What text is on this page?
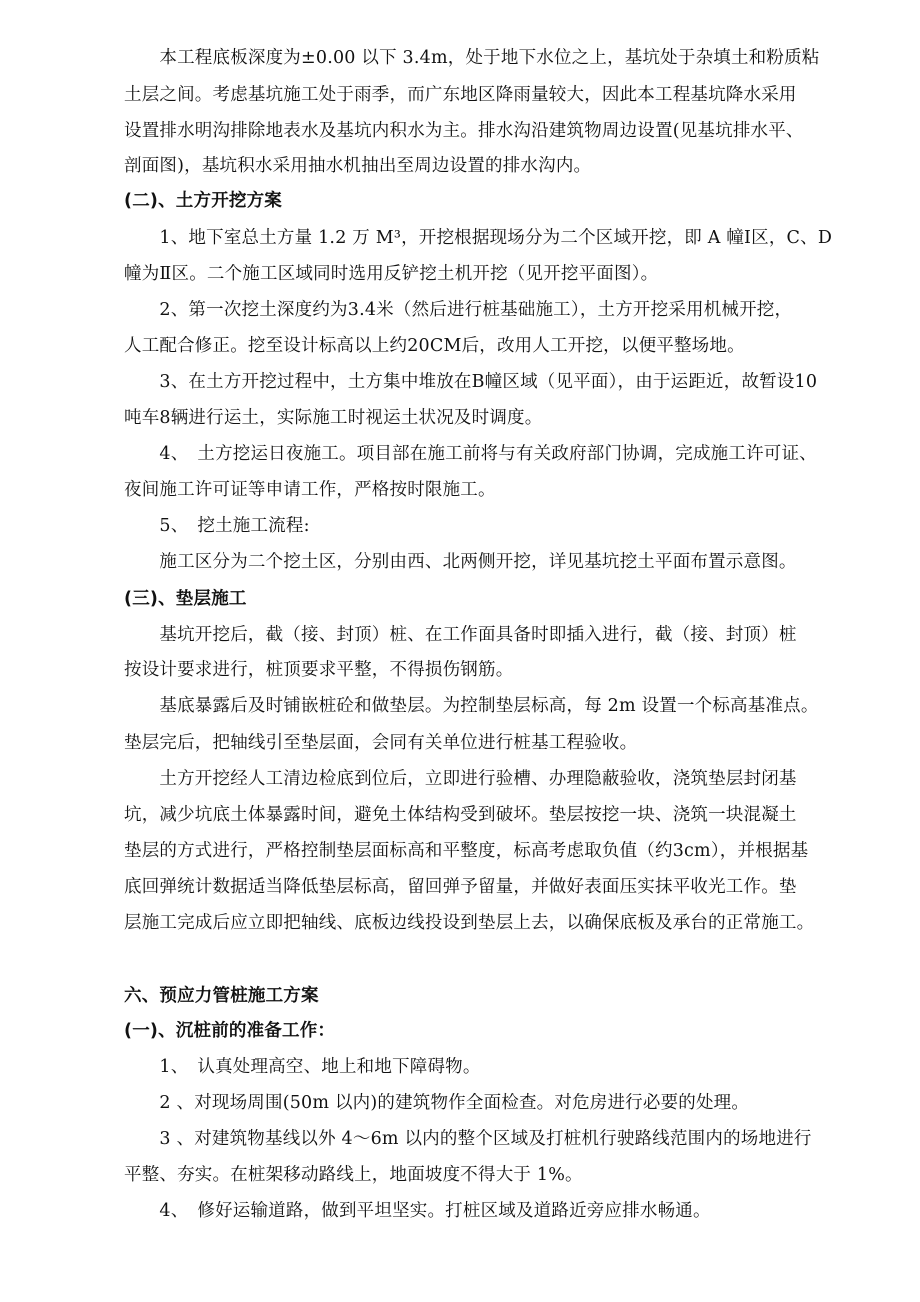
　　本工程底板深度为±0.00 以下 3.4m，处于地下水位之上，基坑处于杂填土和粉质粘
土层之间。考虑基坑施工处于雨季，而广东地区降雨量较大，因此本工程基坑降水采用
设置排水明沟排除地表水及基坑内积水为主。排水沟沿建筑物周边设置(见基坑排水平、
剖面图)，基坑积水采用抽水机抽出至周边设置的排水沟内。
(二)、土方开挖方案
　　1、地下室总土方量 1.2 万 M³，开挖根据现场分为二个区域开挖，即 A 幢Ⅰ区，C、D
幢为Ⅱ区。二个施工区域同时选用反铲挖土机开挖（见开挖平面图）。
　　2、第一次挖土深度约为3.4米（然后进行桩基础施工），土方开挖采用机械开挖，
人工配合修正。挖至设计标高以上约20CM后，改用人工开挖，以便平整场地。
　　3、在土方开挖过程中，土方集中堆放在B幢区域（见平面），由于运距近，故暂设10
吨车8辆进行运土，实际施工时视运土状况及时调度。
　　4、　土方挖运日夜施工。项目部在施工前将与有关政府部门协调，完成施工许可证、
夜间施工许可证等申请工作，严格按时限施工。
　　5、　挖土施工流程:
　　施工区分为二个挖土区，分别由西、北两侧开挖，详见基坑挖土平面布置示意图。
(三)、垫层施工
　　基坑开挖后，截（接、封顶）桩、在工作面具备时即插入进行，截（接、封顶）桩
按设计要求进行，桩顶要求平整，不得损伤钢筋。
　　基底暴露后及时铺嵌桩砼和做垫层。为控制垫层标高，每 2m 设置一个标高基准点。
垫层完后，把轴线引至垫层面，会同有关单位进行桩基工程验收。
　　土方开挖经人工清边检底到位后，立即进行验槽、办理隐蔽验收，浇筑垫层封闭基
坑，减少坑底土体暴露时间，避免土体结构受到破坏。垫层按挖一块、浇筑一块混凝土
垫层的方式进行，严格控制垫层面标高和平整度，标高考虑取负值（约3cm），并根据基
底回弹统计数据适当降低垫层标高，留回弹予留量，并做好表面压实抹平收光工作。垫
层施工完成后应立即把轴线、底板边线投设到垫层上去，以确保底板及承台的正常施工。
六、预应力管桩施工方案
(一)、沉桩前的准备工作：
　　1、　认真处理高空、地上和地下障碍物。
　　2 、对现场周围(50m 以内)的建筑物作全面检查。对危房进行必要的处理。
　　3 、对建筑物基线以外 4～6m 以内的整个区域及打桩机行驶路线范围内的场地进行
平整、夯实。在桩架移动路线上，地面坡度不得大于 1%。
　　4、　修好运输道路，做到平坦坚实。打桩区域及道路近旁应排水畅通。
